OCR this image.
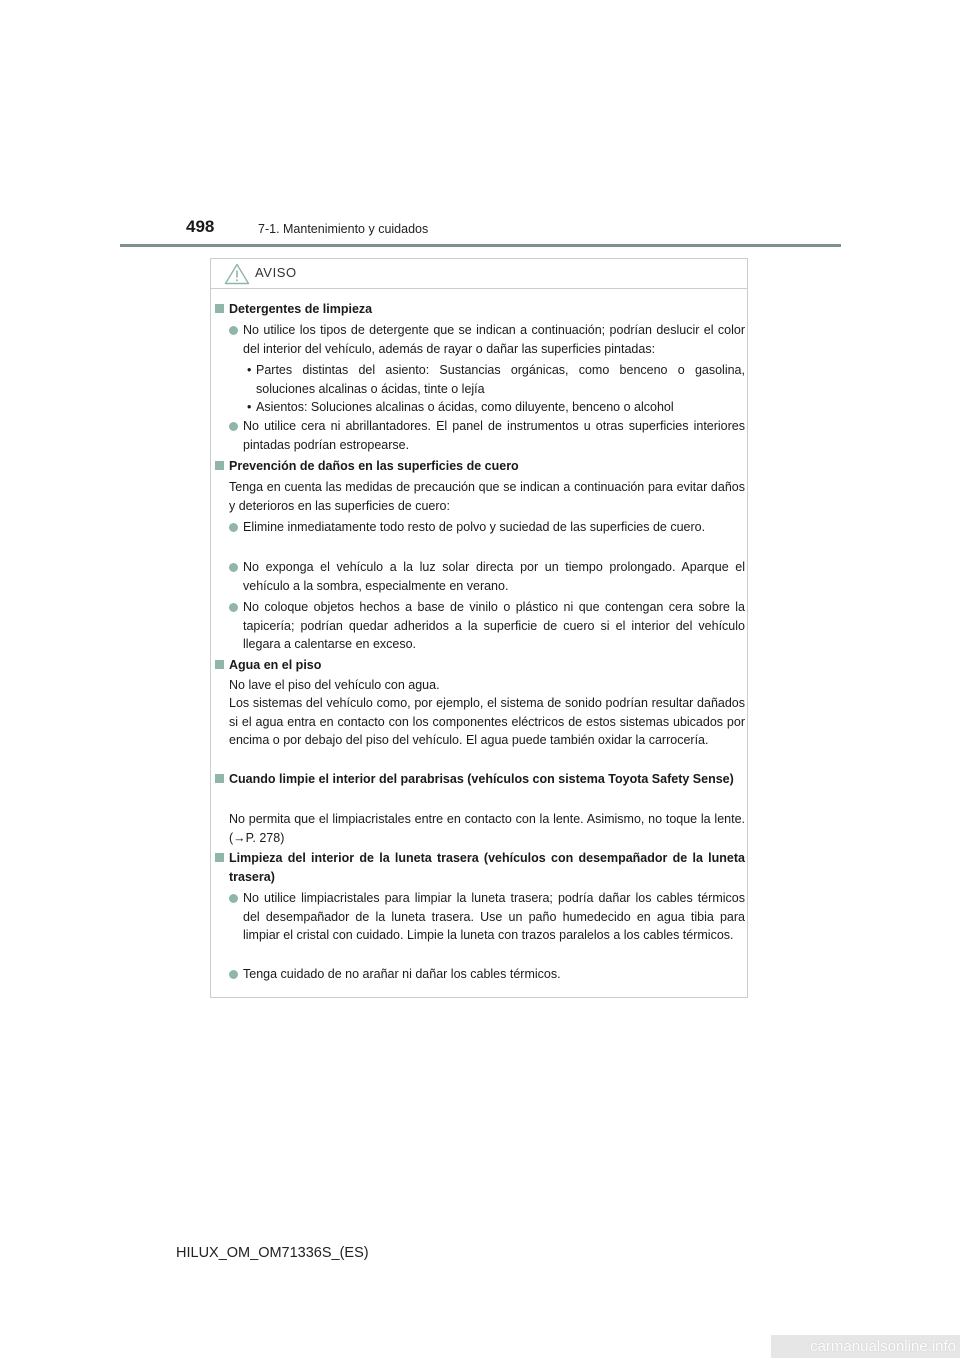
498	7-1. Mantenimiento y cuidados
AVISO
Detergentes de limpieza
No utilice los tipos de detergente que se indican a continuación; podrían deslucir el color del interior del vehículo, además de rayar o dañar las superficies pintadas:
• Partes distintas del asiento: Sustancias orgánicas, como benceno o gasolina, soluciones alcalinas o ácidas, tinte o lejía
• Asientos: Soluciones alcalinas o ácidas, como diluyente, benceno o alcohol
No utilice cera ni abrillantadores. El panel de instrumentos u otras superficies interiores pintadas podrían estropearse.
Prevención de daños en las superficies de cuero
Tenga en cuenta las medidas de precaución que se indican a continuación para evitar daños y deterioros en las superficies de cuero:
Elimine inmediatamente todo resto de polvo y suciedad de las superficies de cuero.
No exponga el vehículo a la luz solar directa por un tiempo prolongado. Aparque el vehículo a la sombra, especialmente en verano.
No coloque objetos hechos a base de vinilo o plástico ni que contengan cera sobre la tapicería; podrían quedar adheridos a la superficie de cuero si el interior del vehículo llegara a calentarse en exceso.
Agua en el piso
No lave el piso del vehículo con agua.
Los sistemas del vehículo como, por ejemplo, el sistema de sonido podrían resultar dañados si el agua entra en contacto con los componentes eléctricos de estos sistemas ubicados por encima o por debajo del piso del vehículo. El agua puede también oxidar la carrocería.
Cuando limpie el interior del parabrisas (vehículos con sistema Toyota Safety Sense)
No permita que el limpiacristales entre en contacto con la lente. Asimismo, no toque la lente. (→P. 278)
Limpieza del interior de la luneta trasera (vehículos con desempañador de la luneta trasera)
No utilice limpiacristales para limpiar la luneta trasera; podría dañar los cables térmicos del desempañador de la luneta trasera. Use un paño humedecido en agua tibia para limpiar el cristal con cuidado. Limpie la luneta con trazos paralelos a los cables térmicos.
Tenga cuidado de no arañar ni dañar los cables térmicos.
HILUX_OM_OM71336S_(ES)
carmanualsonline.info
